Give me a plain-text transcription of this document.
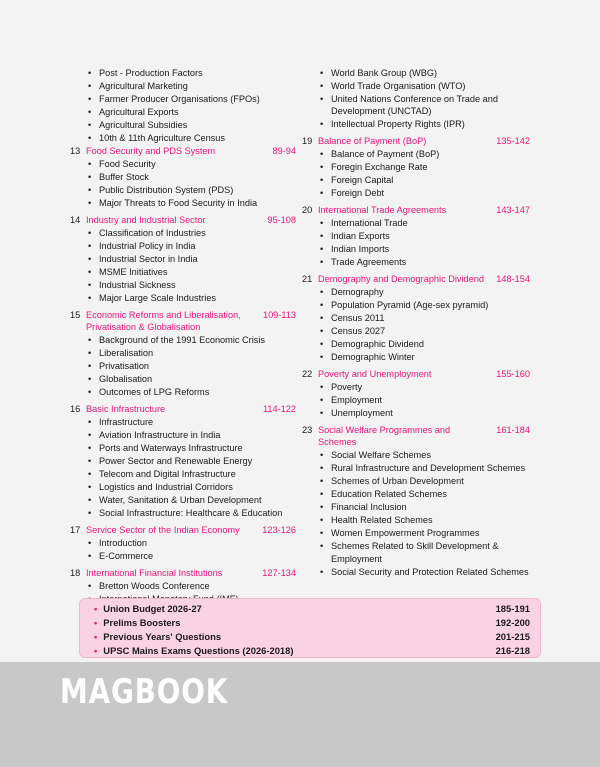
• Post - Production Factors
• Agricultural Marketing
• Farmer Producer Organisations (FPOs)
• Agricultural Exports
• Agricultural Subsidies
• 10th & 11th Agriculture Census
13 Food Security and PDS System	89-94
• Food Security
• Buffer Stock
• Public Distribution System (PDS)
• Major Threats to Food Security in India
14 Industry and Industrial Sector	95-108
• Classification of Industries
• Industrial Policy in India
• Industrial Sector in India
• MSME Initiatives
• Industrial Sickness
• Major Large Scale Industries
15 Economic Reforms and Liberalisation, Privatisation & Globalisation
109-113
• Background of the 1991 Economic Crisis
• Liberalisation
• Privatisation
• Globalisation
• Outcomes of LPG Reforms
16 Basic Infrastructure	114-122
• Infrastructure
• Aviation Infrastructure in India
• Ports and Waterways Infrastructure
• Power Sector and Renewable Energy
• Telecom and Digital Infrastructure
• Logistics and Industrial Corridors
• Water, Sanitation & Urban Development
• Social Infrastructure: Healthcare & Education
17 Service Sector of the Indian Economy	123-126
• Introduction
• E-Commerce
18 International Financial Institutions	127-134
• Bretton Woods Conference
•
• World Bank Group (WBG)
• World Trade Organisation (WTO)
• United Nations Conference on Trade and Development (UNCTAD)
• Intellectual Property Rights (IPR)
19 Balance of Payment (BoP)	135-142
• Balance of Payment (BoP)
• Foregin Exchange Rate
• Foreign Capital
• Foreign Debt
20 International Trade Agreements	143-147
• International Trade
• Indian Exports
• Indian Imports
• Trade Agreements
21 Demography and Demographic Dividend	148-154
• Demography
• Population Pyramid (Age-sex pyramid)
• Census 2011
• Census 2027
• Demographic Dividend
• Demographic Winter
22 Poverty and Unemployment	155-160
• Poverty
• Employment
• Unemployment
23 Social Welfare Programmes and Schemes
161-184
• Social Welfare Schemes
• Rural Infrastructure and Development Schemes
• Schemes of Urban Development
• Education Related Schemes
• Financial Inclusion
• Health Related Schemes
• Women Empowerment Programmes
• Schemes Related to Skill Development & Employment
• Social Security and Protection Related Schemes
• Union Budget 2026-27	185-191
• Prelims Boosters	192-200
• Previous Years' Questions	201-215
• UPSC Mains Exams Questions (2026-2018)	216-218
MAGBOOK
